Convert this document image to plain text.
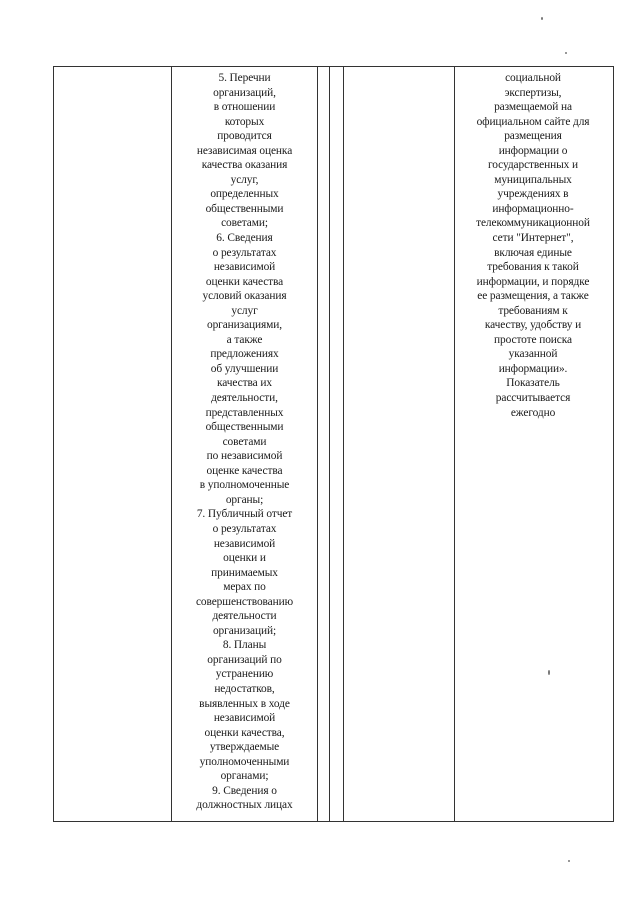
5. Перечни
организаций,
в отношении
которых
проводится
независимая оценка
качества оказания
услуг,
определенных
общественными
советами;
6. Сведения
о результатах
независимой
оценки качества
условий оказания
услуг
организациями,
а также
предложениях
об улучшении
качества их
деятельности,
представленных
общественными
советами
по независимой
оценке качества
в уполномоченные
органы;
7. Публичный отчет
о результатах
независимой
оценки и
принимаемых
мерах по
совершенствованию
деятельности
организаций;
8. Планы
организаций по
устранению
недостатков,
выявленных в ходе
независимой
оценки качества,
утверждаемые
уполномоченными
органами;
9. Сведения о
должностных лицах
социальной
экспертизы,
размещаемой на
официальном сайте для
размещения
информации о
государственных и
муниципальных
учреждениях в
информационно-
телекоммуникационной
сети "Интернет",
включая единые
требования к такой
информации, и порядке
ее размещения, а также
требованиям к
качеству, удобству и
простоте поиска
указанной
информации».
Показатель
рассчитывается
ежегодно
